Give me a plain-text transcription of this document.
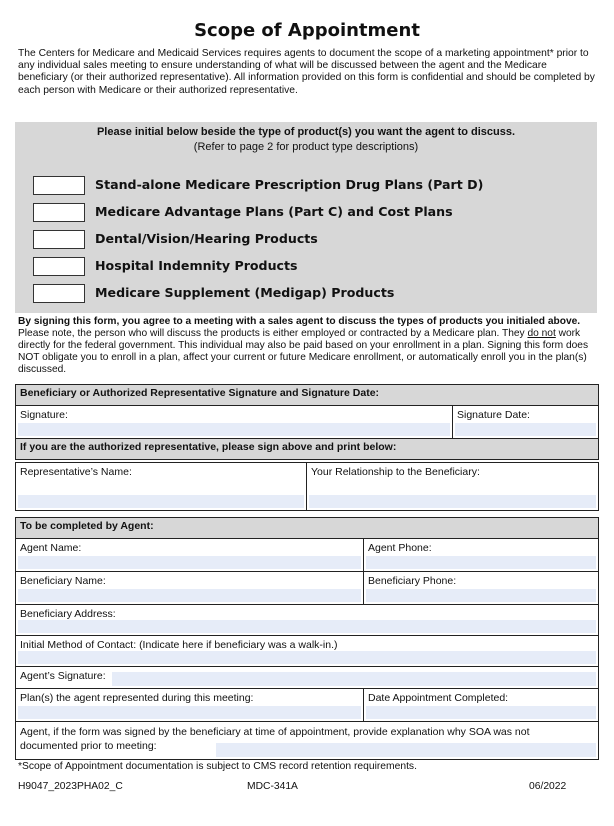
Scope of Appointment
The Centers for Medicare and Medicaid Services requires agents to document the scope of a marketing appointment* prior to any individual sales meeting to ensure understanding of what will be discussed between the agent and the Medicare beneficiary (or their authorized representative). All information provided on this form is confidential and should be completed by each person with Medicare or their authorized representative.
Please initial below beside the type of product(s) you want the agent to discuss.
(Refer to page 2 for product type descriptions)
Stand-alone Medicare Prescription Drug Plans (Part D)
Medicare Advantage Plans (Part C) and Cost Plans
Dental/Vision/Hearing Products
Hospital Indemnity Products
Medicare Supplement (Medigap) Products
By signing this form, you agree to a meeting with a sales agent to discuss the types of products you initialed above. Please note, the person who will discuss the products is either employed or contracted by a Medicare plan. They do not work directly for the federal government. This individual may also be paid based on your enrollment in a plan. Signing this form does NOT obligate you to enroll in a plan, affect your current or future Medicare enrollment, or automatically enroll you in the plan(s) discussed.
Beneficiary or Authorized Representative Signature and Signature Date:

Signature:	Signature Date:

If you are the authorized representative, please sign above and print below:
Representative’s Name:	Your Relationship to the Beneficiary:
To be completed by Agent:	

Agent Name:	Agent Phone:

Beneficiary Name:	Beneficiary Phone:

Beneficiary Address:	

Initial Method of Contact: (Indicate here if beneficiary was a walk-in.)	

Agent’s Signature:	

Plan(s) the agent represented during this meeting:	Date Appointment Completed:

Agent, if the form was signed by the beneficiary at time of appointment, provide explanation why SOA was not documented prior to meeting:	
*Scope of Appointment documentation is subject to CMS record retention requirements.
H9047_2023PHA02_C	MDC-341A	06/2022
